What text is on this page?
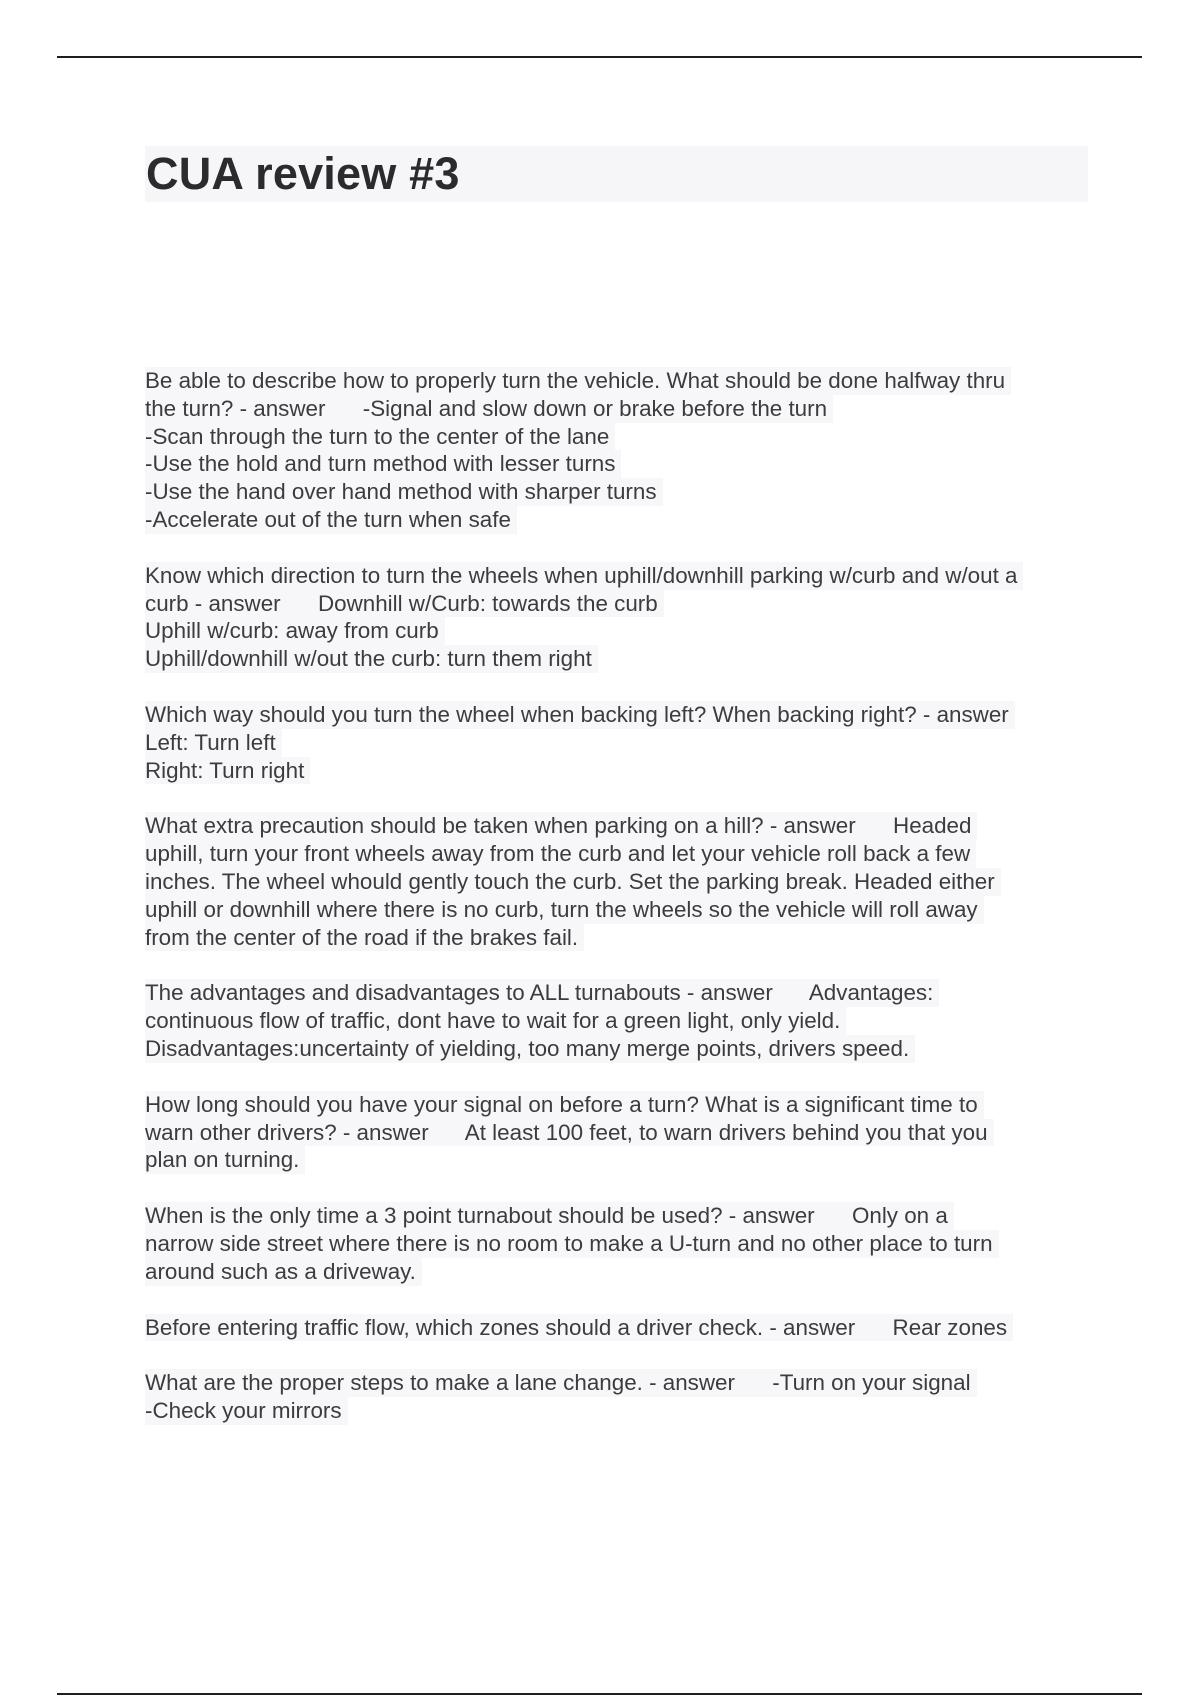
CUA review #3
Be able to describe how to properly turn the vehicle. What should be done halfway thru
the turn? - answer      -Signal and slow down or brake before the turn
-Scan through the turn to the center of the lane
-Use the hold and turn method with lesser turns
-Use the hand over hand method with sharper turns
-Accelerate out of the turn when safe
Know which direction to turn the wheels when uphill/downhill parking w/curb and w/out a
curb - answer      Downhill w/Curb: towards the curb
Uphill w/curb: away from curb
Uphill/downhill w/out the curb: turn them right
Which way should you turn the wheel when backing left? When backing right? - answer
Left: Turn left
Right: Turn right
What extra precaution should be taken when parking on a hill? - answer      Headed
uphill, turn your front wheels away from the curb and let your vehicle roll back a few
inches. The wheel whould gently touch the curb. Set the parking break. Headed either
uphill or downhill where there is no curb, turn the wheels so the vehicle will roll away
from the center of the road if the brakes fail.
The advantages and disadvantages to ALL turnabouts - answer      Advantages:
continuous flow of traffic, dont have to wait for a green light, only yield.
Disadvantages:uncertainty of yielding, too many merge points, drivers speed.
How long should you have your signal on before a turn? What is a significant time to
warn other drivers? - answer      At least 100 feet, to warn drivers behind you that you
plan on turning.
When is the only time a 3 point turnabout should be used? - answer      Only on a
narrow side street where there is no room to make a U-turn and no other place to turn
around such as a driveway.
Before entering traffic flow, which zones should a driver check. - answer      Rear zones
What are the proper steps to make a lane change. - answer      -Turn on your signal
-Check your mirrors
